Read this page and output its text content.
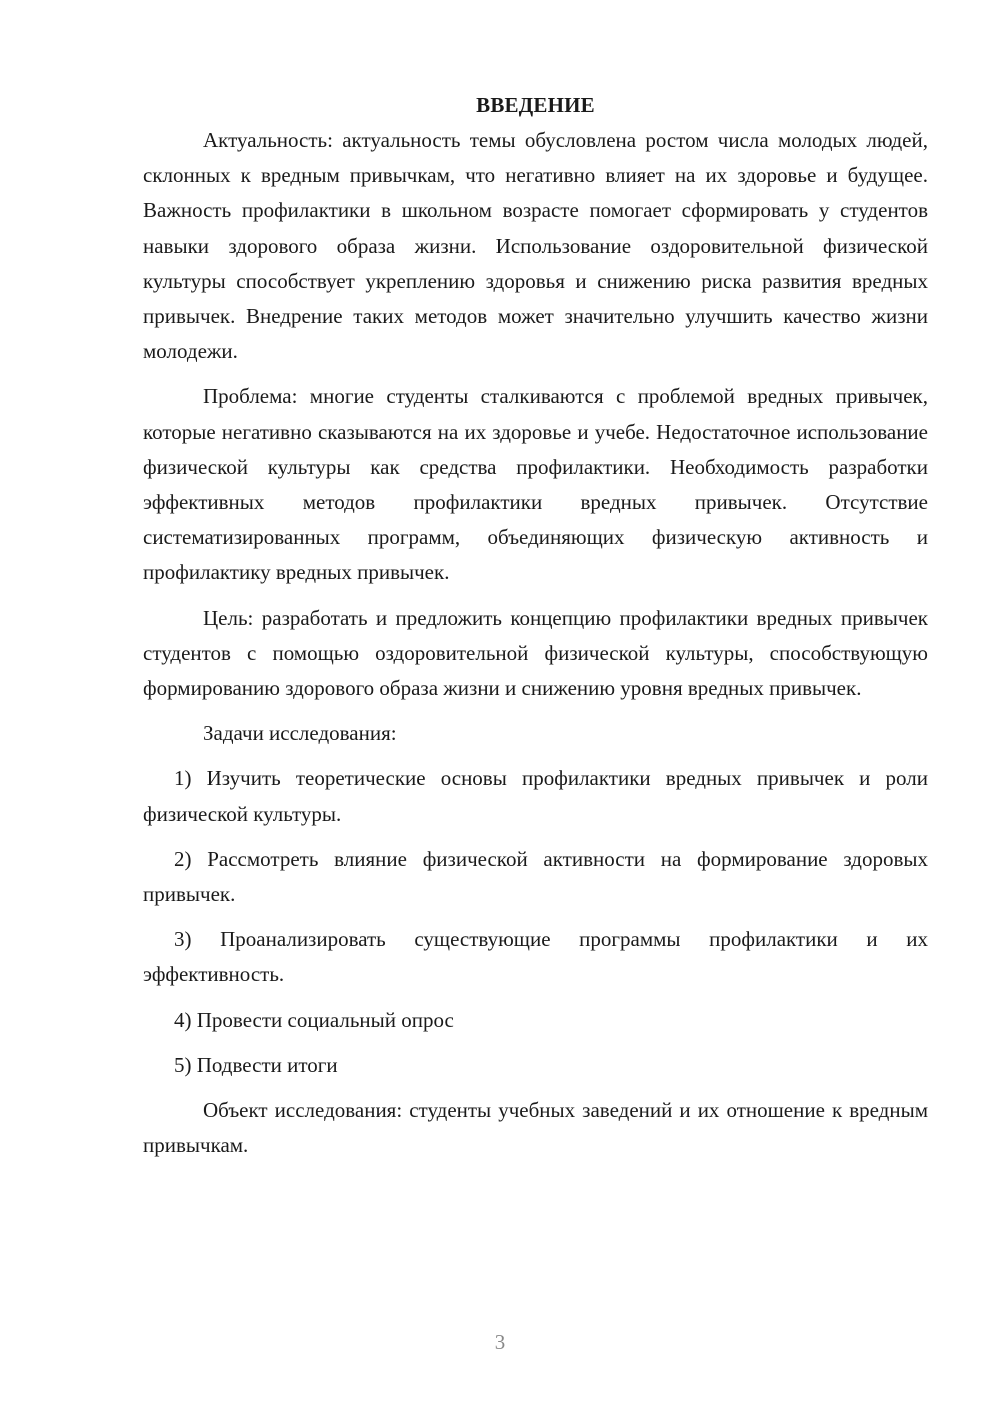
ВВЕДЕНИЕ

Актуальность: актуальность темы обусловлена ростом числа молодых людей, склонных к вредным привычкам, что негативно влияет на их здоровье и будущее. Важность профилактики в школьном возрасте помогает сформировать у студентов навыки здорового образа жизни. Использование оздоровительной физической культуры способствует укреплению здоровья и снижению риска развития вредных привычек. Внедрение таких методов может значительно улучшить качество жизни молодежи.

Проблема: многие студенты сталкиваются с проблемой вредных привычек, которые негативно сказываются на их здоровье и учебе. Недостаточное использование физической культуры как средства профилактики. Необходимость разработки эффективных методов профилактики вредных привычек. Отсутствие систематизированных программ, объединяющих физическую активность и профилактику вредных привычек.

Цель: разработать и предложить концепцию профилактики вредных привычек студентов с помощью оздоровительной физической культуры, способствующую формированию здорового образа жизни и снижению уровня вредных привычек.

Задачи исследования:

1) Изучить теоретические основы профилактики вредных привычек и роли физической культуры.

2) Рассмотреть влияние физической активности на формирование здоровых привычек.

3) Проанализировать существующие программы профилактики и их эффективность.

4) Провести социальный опрос

5) Подвести итоги

Объект исследования: студенты учебных заведений и их отношение к вредным привычкам.

3
